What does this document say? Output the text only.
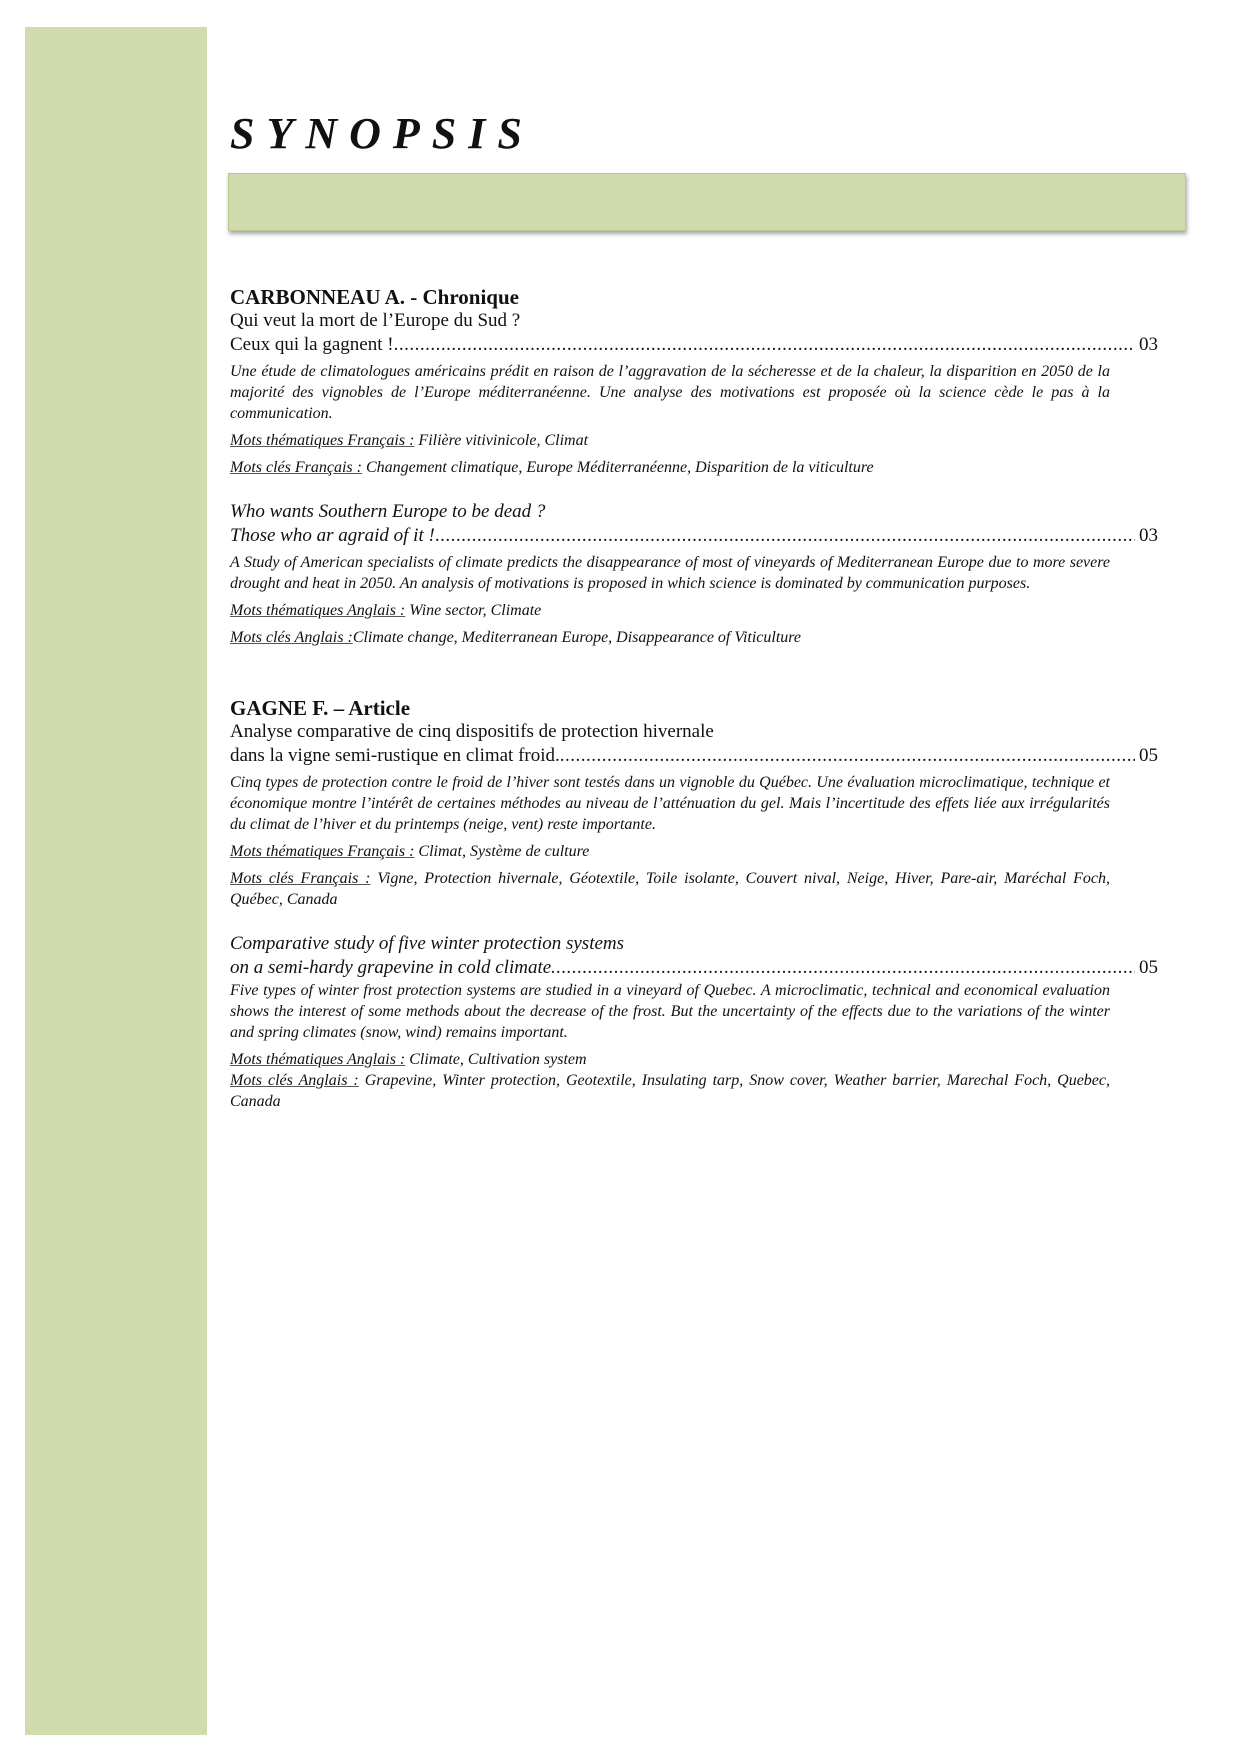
SYNOPSIS
CARBONNEAU A. - Chronique
Qui veut la mort de l’Europe du Sud ?
Ceux qui la gagnent ! .....	03

Une étude de climatologues américains prédit en raison de l’aggravation de la sécheresse et de la chaleur, la disparition en 2050 de la majorité des vignobles de l’Europe méditerranéenne. Une analyse des motivations est proposée où la science cède le pas à la communication.

Mots thématiques Français : Filière vitivinicole, Climat
Mots clés Français : Changement climatique, Europe Méditerranéenne, Disparition de la viticulture
Who wants Southern Europe to be dead ?
Those who ar agraid of it ! .....	03

A Study of American specialists of climate predicts the disappearance of most of vineyards of Mediterranean Europe due to more severe drought and heat in 2050. An analysis of motivations is proposed in which science is dominated by communication purposes.

Mots thématiques Anglais : Wine sector, Climate
Mots clés Anglais :Climate change, Mediterranean Europe, Disappearance of Viticulture
GAGNE F. – Article
Analyse comparative de cinq dispositifs de protection hivernale
dans la vigne semi-rustique en climat froid. .....	05

Cinq types de protection contre le froid de l’hiver sont testés dans un vignoble du Québec. Une évaluation microclimatique, technique et économique montre l’intérêt de certaines méthodes au niveau de l’atténuation du gel. Mais l’incertitude des effets liée aux irrégularités du climat de l’hiver et du printemps (neige, vent) reste importante.

Mots thématiques Français : Climat, Système de culture
Mots clés Français : Vigne, Protection hivernale, Géotextile, Toile isolante, Couvert nival, Neige, Hiver, Pare-air, Maréchal Foch, Québec, Canada
Comparative study of five winter protection systems
on a semi-hardy grapevine in cold climate. .....	05

Five types of winter frost protection systems are studied in a vineyard of Quebec. A microclimatic, technical and economical evaluation shows the interest of some methods about the decrease of the frost. But the uncertainty of the effects due to the variations of the winter and spring climates (snow, wind) remains important.

Mots thématiques Anglais : Climate, Cultivation system
Mots clés Anglais : Grapevine, Winter protection, Geotextile, Insulating tarp, Snow cover, Weather barrier, Marechal Foch, Quebec, Canada
